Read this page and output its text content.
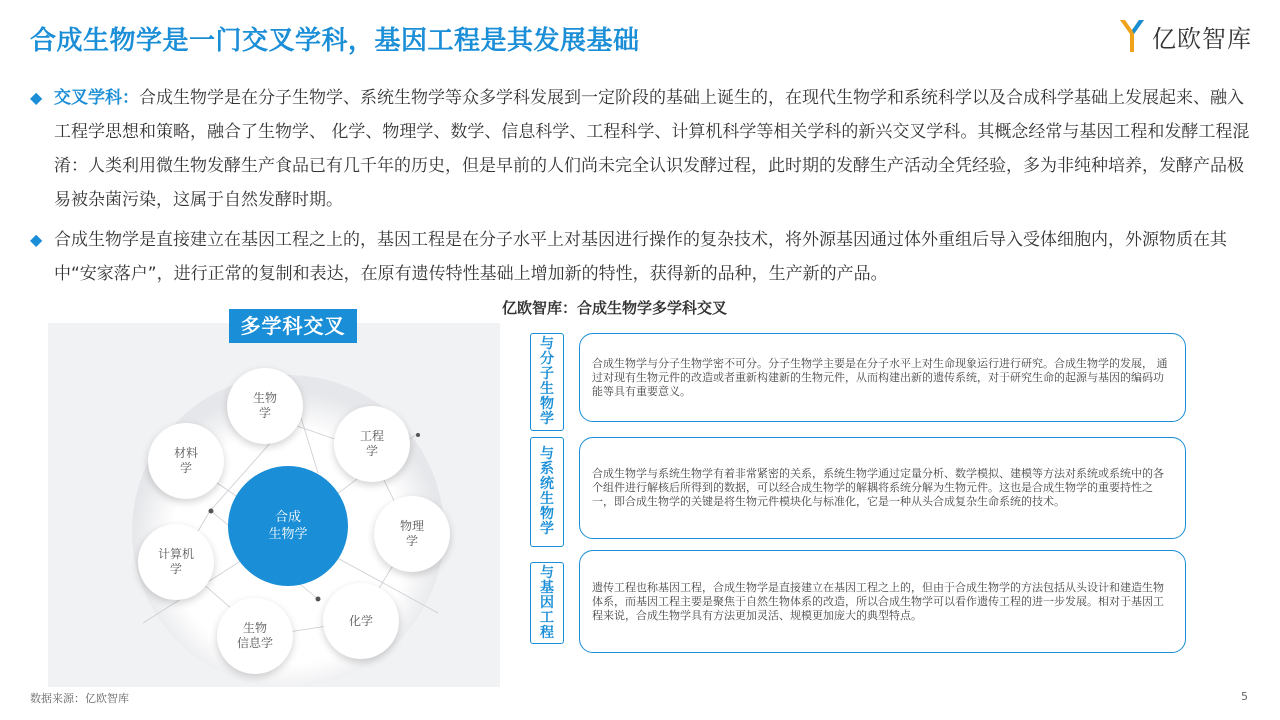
合成生物学是一门交叉学科，基因工程是其发展基础	亿欧智库
◆ 交叉学科：合成生物学是在分子生物学、系统生物学等众多学科发展到一定阶段的基础上诞生的，在现代生物学和系统科学以及合成科学基础上发展起来、融入工程学思想和策略，融合了生物学、 化学、物理学、数学、信息科学、工程科学、计算机科学等相关学科的新兴交叉学科。其概念经常与基因工程和发酵工程混淆：人类利用微生物发酵生产食品已有几千年的历史，但是早前的人们尚未完全认识发酵过程，此时期的发酵生产活动全凭经验，多为非纯种培养，发酵产品极易被杂菌污染，这属于自然发酵时期。
◆ 合成生物学是直接建立在基因工程之上的，基因工程是在分子水平上对基因进行操作的复杂技术，将外源基因通过体外重组后导入受体细胞内，外源物质在其中“安家落户”，进行正常的复制和表达，在原有遗传特性基础上增加新的特性，获得新的品种，生产新的产品。
多学科交叉
生物
学
工程
学
物理
学
化学
生物
信息学
计算机
学
材料
学
合成
生物学
亿欧智库：合成生物学多学科交叉
与分子生物学
合成生物学与分子生物学密不可分。分子生物学主要是在分子水平上对生命现象运行进行研究。合成生物学的发展， 通过对现有生物元件的改造或者重新构建新的生物元件，从而构建出新的遗传系统，对于研究生命的起源与基因的编码功能等具有重要意义。
与系统生物学
合成生物学与系统生物学有着非常紧密的关系，系统生物学通过定量分析、数学模拟、建模等方法对系统或系统中的各个组件进行解核后所得到的数据，可以经合成生物学的解耦将系统分解为生物元件。这也是合成生物学的重要持性之一，即合成生物学的关键是将生物元件模块化与标准化，它是一种从头合成复杂生命系统的技术。
与基因工程
遗传工程也称基因工程，合成生物学是直接建立在基因工程之上的，但由于合成生物学的方法包括从头设计和建造生物体系，而基因工程主要是聚焦于自然生物体系的改造，所以合成生物学可以看作遗传工程的进一步发展。相对于基因工程来说，合成生物学具有方法更加灵活、规模更加庞大的典型特点。
数据来源：亿欧智库	5
